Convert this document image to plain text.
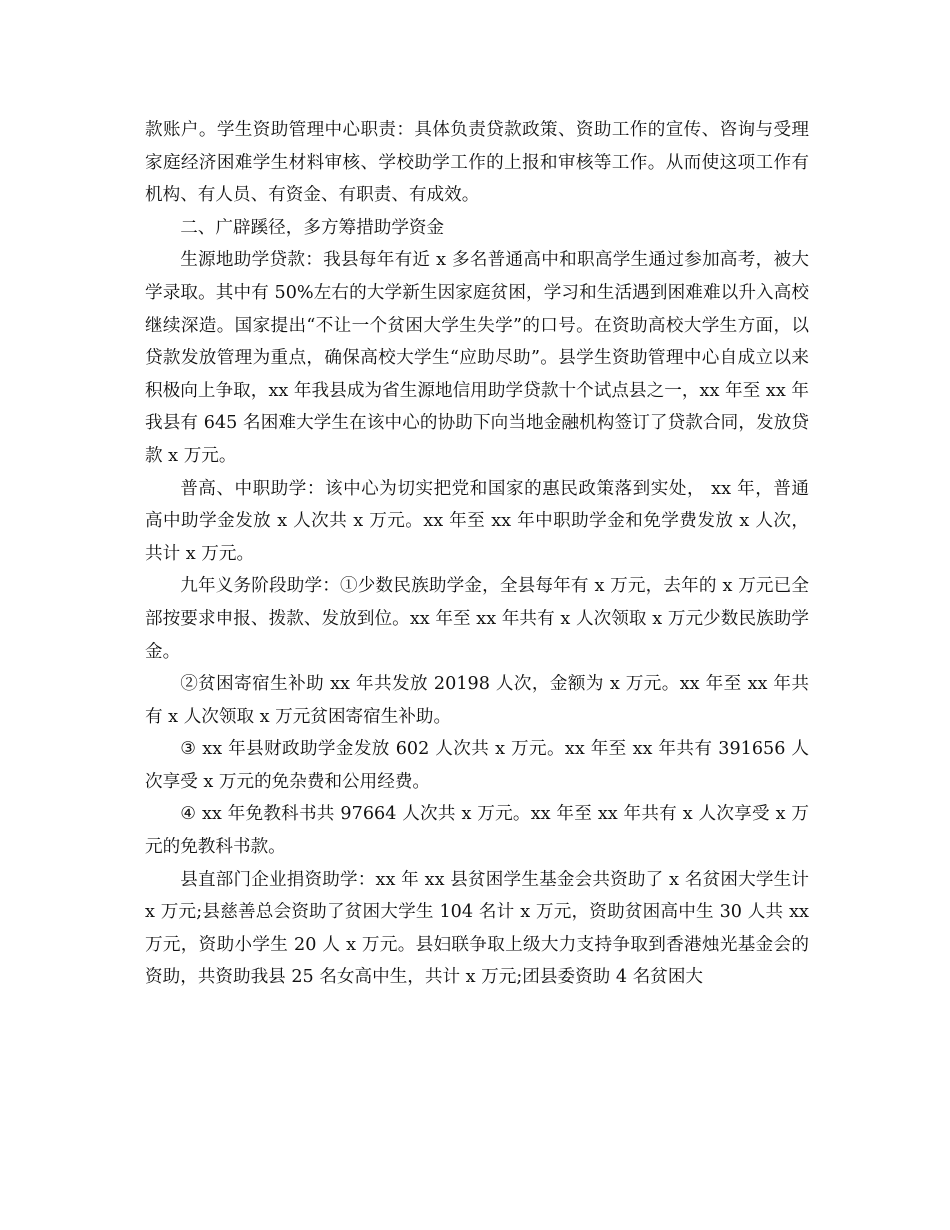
款账户。学生资助管理中心职责：具体负责贷款政策、资助工作的宣传、咨询与受理家庭经济困难学生材料审核、学校助学工作的上报和审核等工作。从而使这项工作有机构、有人员、有资金、有职责、有成效。

二、广辟蹊径，多方筹措助学资金

生源地助学贷款：我县每年有近 x 多名普通高中和职高学生通过参加高考，被大学录取。其中有 50%左右的大学新生因家庭贫困，学习和生活遇到困难难以升入高校继续深造。国家提出“不让一个贫困大学生失学”的口号。在资助高校大学生方面，以贷款发放管理为重点，确保高校大学生“应助尽助”。县学生资助管理中心自成立以来积极向上争取，xx 年我县成为省生源地信用助学贷款十个试点县之一，xx 年至 xx 年我县有 645 名困难大学生在该中心的协助下向当地金融机构签订了贷款合同，发放贷款 x 万元。

普高、中职助学：该中心为切实把党和国家的惠民政策落到实处， xx 年，普通高中助学金发放 x 人次共 x 万元。xx 年至 xx 年中职助学金和免学费发放 x 人次，共计 x 万元。

九年义务阶段助学：①少数民族助学金，全县每年有 x 万元，去年的 x 万元已全部按要求申报、拨款、发放到位。xx 年至 xx 年共有 x 人次领取 x 万元少数民族助学金。

②贫困寄宿生补助 xx 年共发放 20198 人次，金额为 x 万元。xx 年至 xx 年共有 x 人次领取 x 万元贫困寄宿生补助。

③ xx 年县财政助学金发放 602 人次共 x 万元。xx 年至 xx 年共有 391656 人次享受 x 万元的免杂费和公用经费。

④ xx 年免教科书共 97664 人次共 x 万元。xx 年至 xx 年共有 x 人次享受 x 万元的免教科书款。

县直部门企业捐资助学：xx 年 xx 县贫困学生基金会共资助了 x 名贫困大学生计 x 万元;县慈善总会资助了贫困大学生 104 名计 x 万元，资助贫困高中生 30 人共 xx 万元，资助小学生 20 人 x 万元。县妇联争取上级大力支持争取到香港烛光基金会的资助，共资助我县 25 名女高中生，共计 x 万元;团县委资助 4 名贫困大
